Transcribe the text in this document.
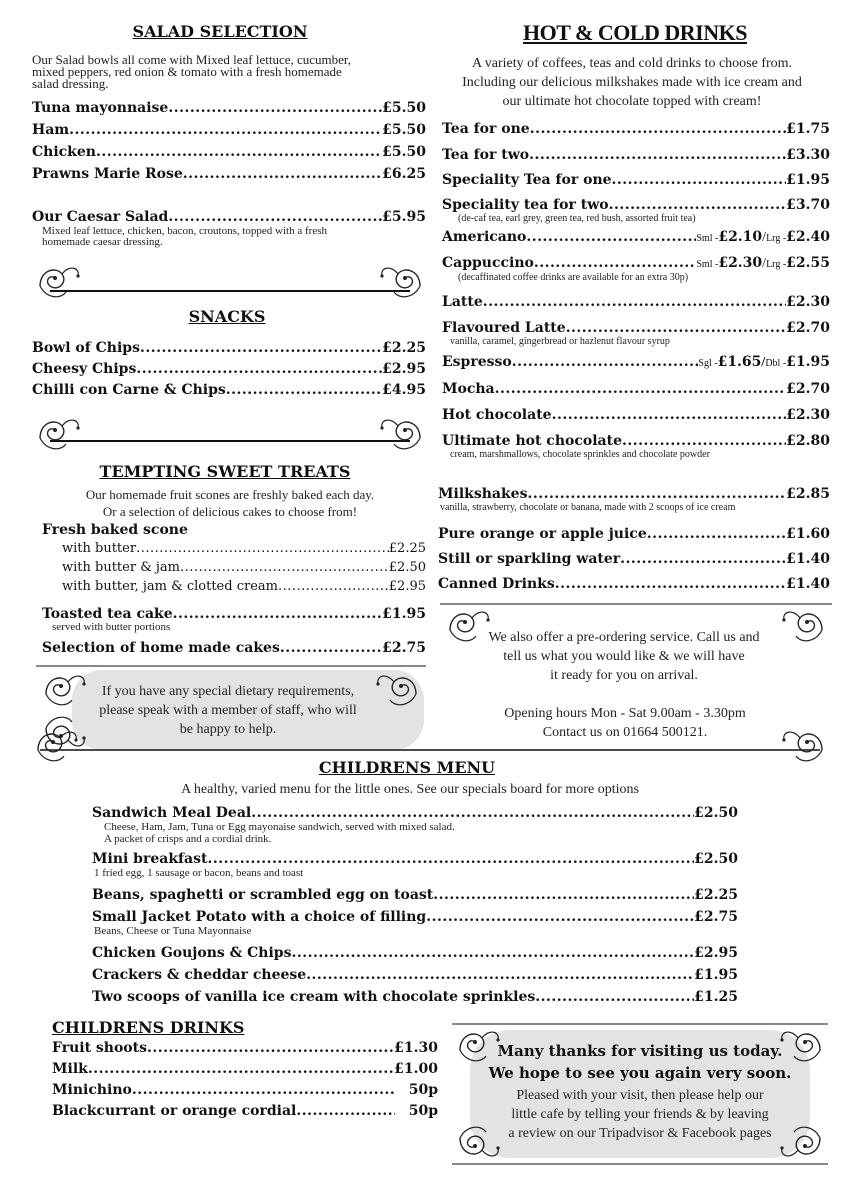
SALAD SELECTION
Our Salad bowls all come with Mixed leaf lettuce, cucumber,
mixed peppers, red onion & tomato with a fresh homemade
salad dressing.
Tuna mayonnaise .....	£5.50
Ham .....	£5.50
Chicken .....	£5.50
Prawns Marie Rose .....	£6.25
Our Caesar Salad .....	£5.95
Mixed leaf lettuce, chicken, bacon, croutons, topped with a fresh
homemade caesar dressing.
SNACKS
Bowl of Chips .....	£2.25
Cheesy Chips .....	£2.95
Chilli con Carne & Chips .....	£4.95
TEMPTING SWEET TREATS
Our homemade fruit scones are freshly baked each day.
Or a selection of delicious cakes to choose from!
Fresh baked scone
with butter .....	£2.25
with butter & jam .....	£2.50
with butter, jam & clotted cream .....	£2.95
Toasted tea cake .....	£1.95
served with butter portions
Selection of home made cakes .....	£2.75
If you have any special dietary requirements,
please speak with a member of staff, who will
be happy to help.
HOT & COLD DRINKS
A variety of coffees, teas and cold drinks to choose from.
Including our delicious milkshakes made with ice cream and
our ultimate hot chocolate topped with cream!
Tea for one .....	£1.75
Tea for two .....	£3.30
Speciality Tea for one .....	£1.95
Speciality tea for two .....	£3.70
(de-caf tea, earl grey, green tea, red bush, assorted fruit tea)
Americano .....	Sml - £2.10 / Lrg - £2.40
Cappuccino .....	Sml - £2.30 / Lrg - £2.55
(decaffinated coffee drinks are available for an extra 30p)
Latte .....	£2.30
Flavoured Latte .....	£2.70
vanilla, caramel, gingerbread or hazlenut flavour syrup
Espresso .....	Sgl - £1.65 / Dbl - £1.95
Mocha .....	£2.70
Hot chocolate .....	£2.30
Ultimate hot chocolate .....	£2.80
cream, marshmallows, chocolate sprinkles and chocolate powder
Milkshakes .....	£2.85
vanilla, strawberry, chocolate or banana, made with 2 scoops of ice cream
Pure orange or apple juice .....	£1.60
Still or sparkling water .....	£1.40
Canned Drinks .....	£1.40
We also offer a pre-ordering service. Call us and
tell us what you would like & we will have
it ready for you on arrival.
Opening hours Mon - Sat 9.00am - 3.30pm
Contact us on 01664 500121.
CHILDRENS MENU
A healthy, varied menu for the little ones. See our specials board for more options
Sandwich Meal Deal .....	£2.50
Cheese, Ham, Jam, Tuna or Egg mayonaise sandwich, served with mixed salad.
A packet of crisps and a cordial drink.
Mini breakfast .....	£2.50
1 fried egg, 1 sausage or bacon, beans and toast
Beans, spaghetti or scrambled egg on toast .....	£2.25
Small Jacket Potato with a choice of filling .....	£2.75
Beans, Cheese or Tuna Mayonnaise
Chicken Goujons & Chips .....	£2.95
Crackers & cheddar cheese .....	£1.95
Two scoops of vanilla ice cream with chocolate sprinkles .....	£1.25
CHILDRENS DRINKS
Fruit shoots .....	£1.30
Milk .....	£1.00
Minichino .....	50p
Blackcurrant or orange cordial .....	50p
Many thanks for visiting us today.
We hope to see you again very soon.
Pleased with your visit, then please help our
little cafe by telling your friends & by leaving
a review on our Tripadvisor & Facebook pages
